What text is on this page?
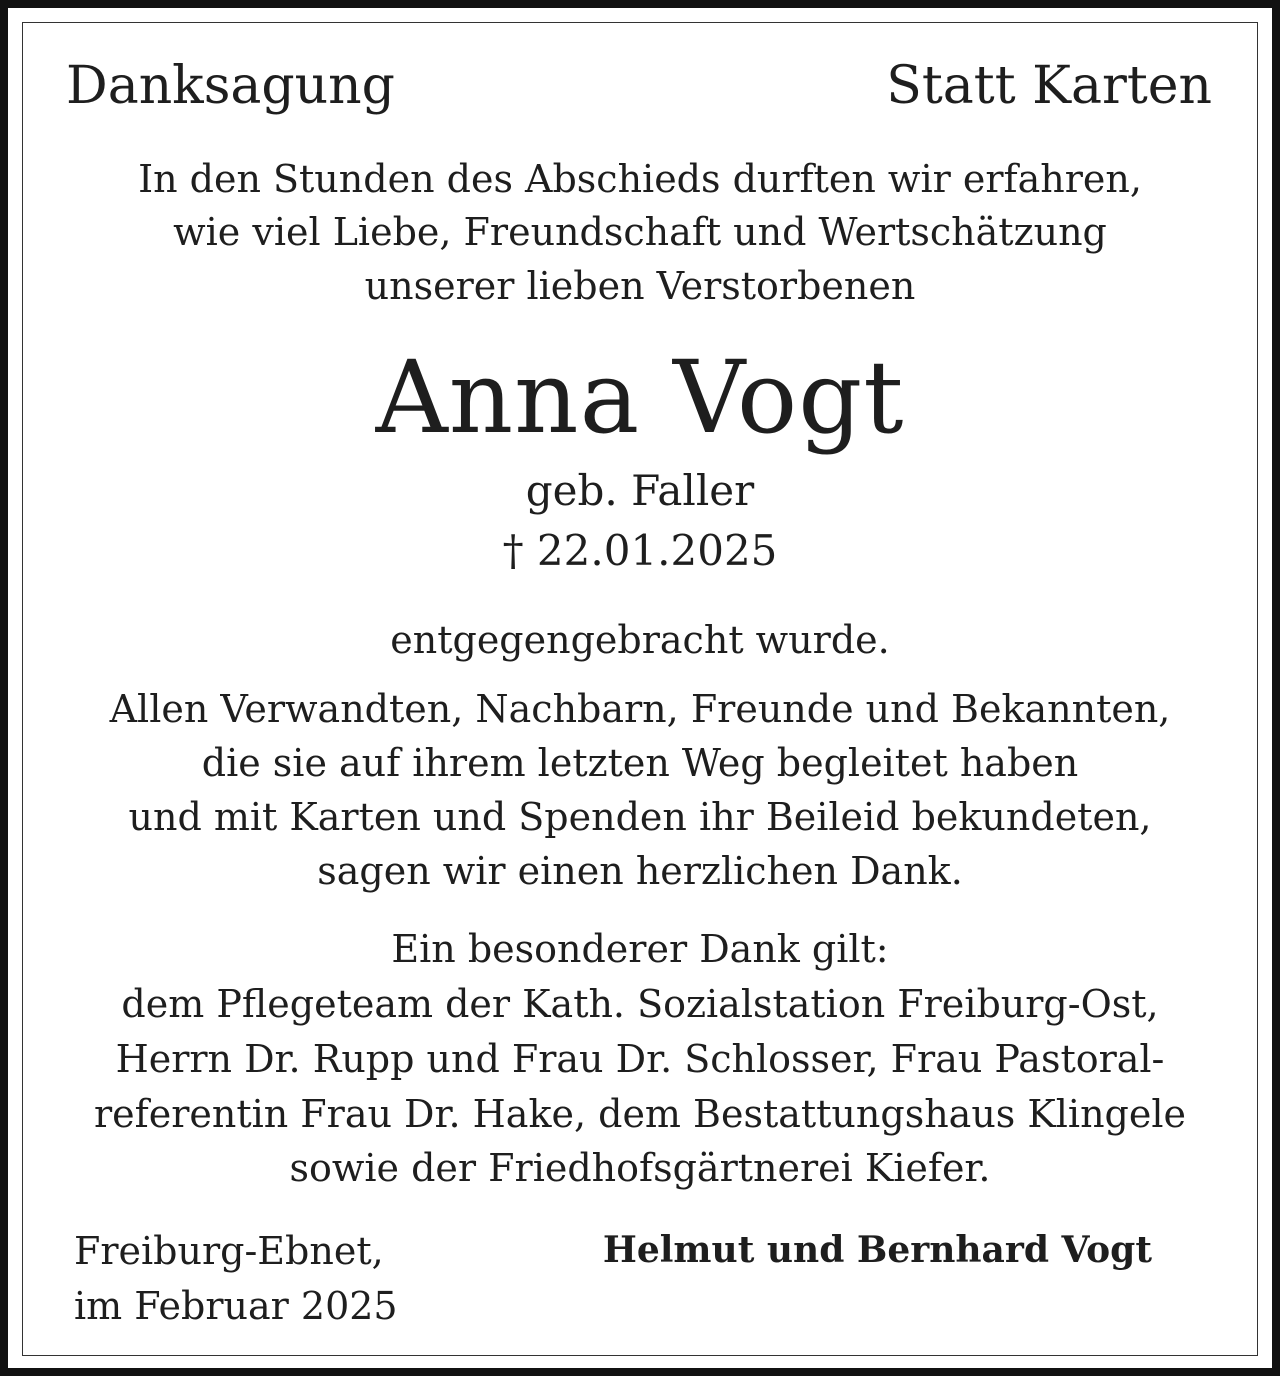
Danksagung	Statt Karten
In den Stunden des Abschieds durften wir erfahren,
wie viel Liebe, Freundschaft und Wertschätzung
unserer lieben Verstorbenen
Anna Vogt
geb. Faller
† 22.01.2025
entgegengebracht wurde.
Allen Verwandten, Nachbarn, Freunde und Bekannten,
die sie auf ihrem letzten Weg begleitet haben
und mit Karten und Spenden ihr Beileid bekundeten,
sagen wir einen herzlichen Dank.
Ein besonderer Dank gilt:
dem Pflegeteam der Kath. Sozialstation Freiburg-Ost,
Herrn Dr. Rupp und Frau Dr. Schlosser, Frau Pastoral-
referentin Frau Dr. Hake, dem Bestattungshaus Klingele
sowie der Friedhofsgärtnerei Kiefer.
Freiburg-Ebnet,
im Februar 2025
Helmut und Bernhard Vogt
